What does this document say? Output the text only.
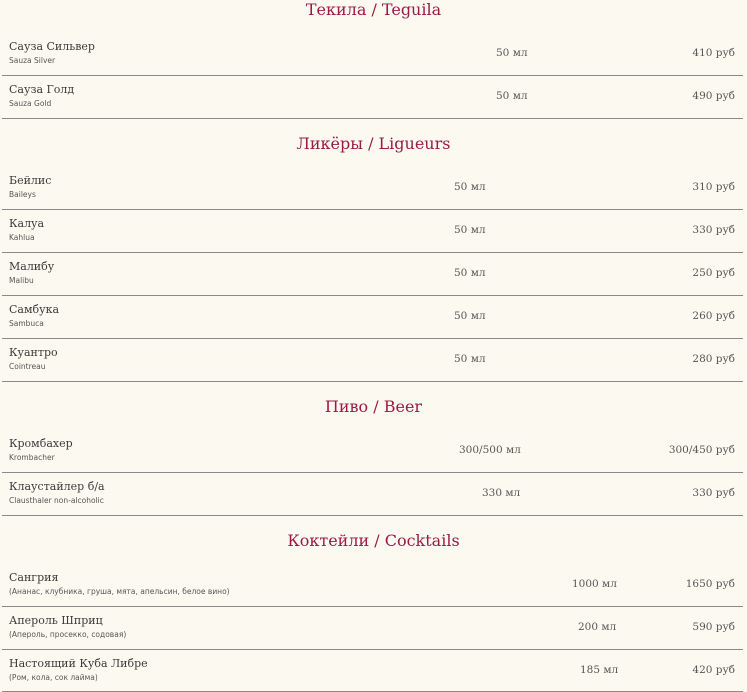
Текила / Teguila
Сауза Сильвер
Sauza Silver
50 мл	410 руб
Сауза Голд
Sauza Gold
50 мл	490 руб
Ликёры / Ligueurs
Бейлис
Baileys
50 мл	310 руб
Калуа
Kahlua
50 мл	330 руб
Малибу
Malibu
50 мл	250 руб
Самбука
Sambuca
50 мл	260 руб
Куантро
Cointreau
50 мл	280 руб
Пиво / Beer
Кромбахер
Krombacher
300/500 мл	300/450 руб
Клаустайлер б/а
Clausthaler non-alcoholic
330 мл	330 руб
Коктейли / Cocktails
Сангрия
(Ананас, клубника, груша, мята, апельсин, белое вино)
1000 мл	1650 руб
Апероль Шприц
(Апероль, просекко, содовая)
200 мл	590 руб
Настоящий Куба Либре
(Ром, кола, сок лайма)
185 мл	420 руб
